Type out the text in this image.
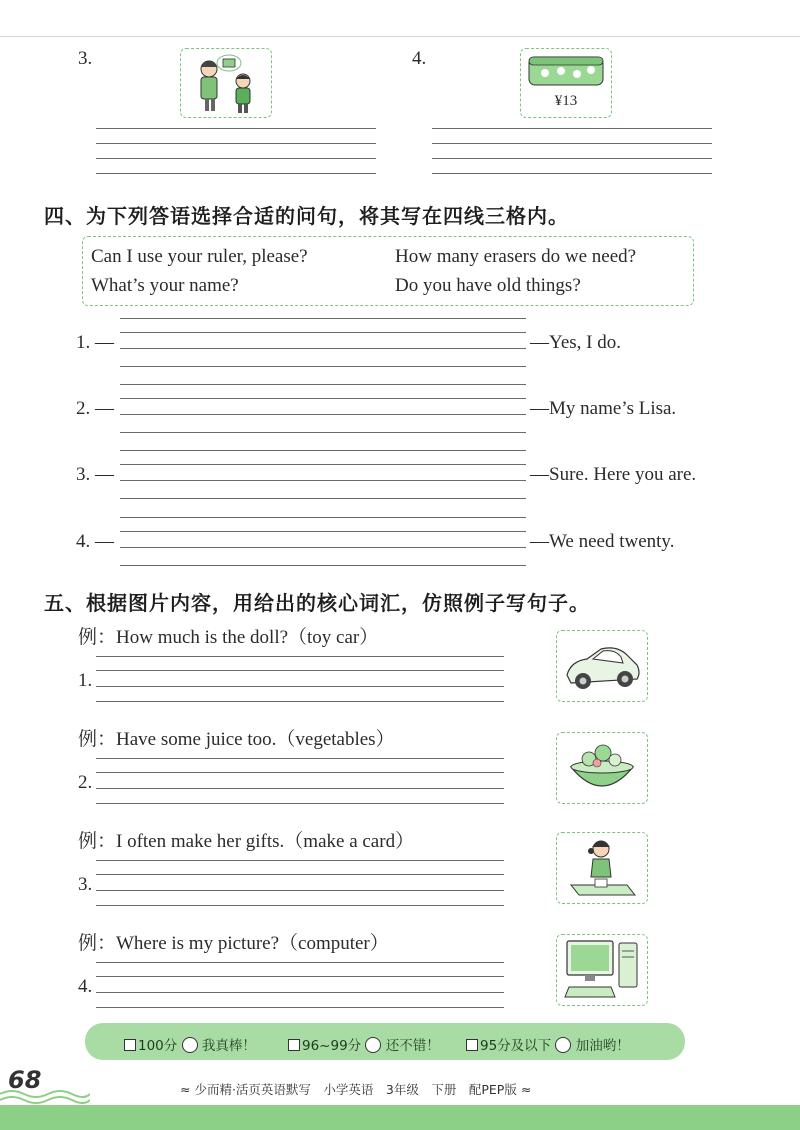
3.	4.
¥13
四、为下列答语选择合适的问句，将其写在四线三格内。
Can I use your ruler, please?	How many erasers do we need?
What’s your name?	Do you have old things?
1. —	—Yes, I do.
2. —	—My name’s Lisa.
3. —	—Sure. Here you are.
4. —	—We need twenty.
五、根据图片内容，用给出的核心词汇，仿照例子写句子。
例：How much is the doll?（toy car）
1.
例：Have some juice too.（vegetables）
2.
例：I often make her gifts.（make a card）
3.
例：Where is my picture?（computer）
4.
100分 我真棒！	96~99分 还不错！	95分及以下 加油哟！
68	≈ 少而精·活页英语默写　小学英语　3年级　下册　配PEP版 ≈
